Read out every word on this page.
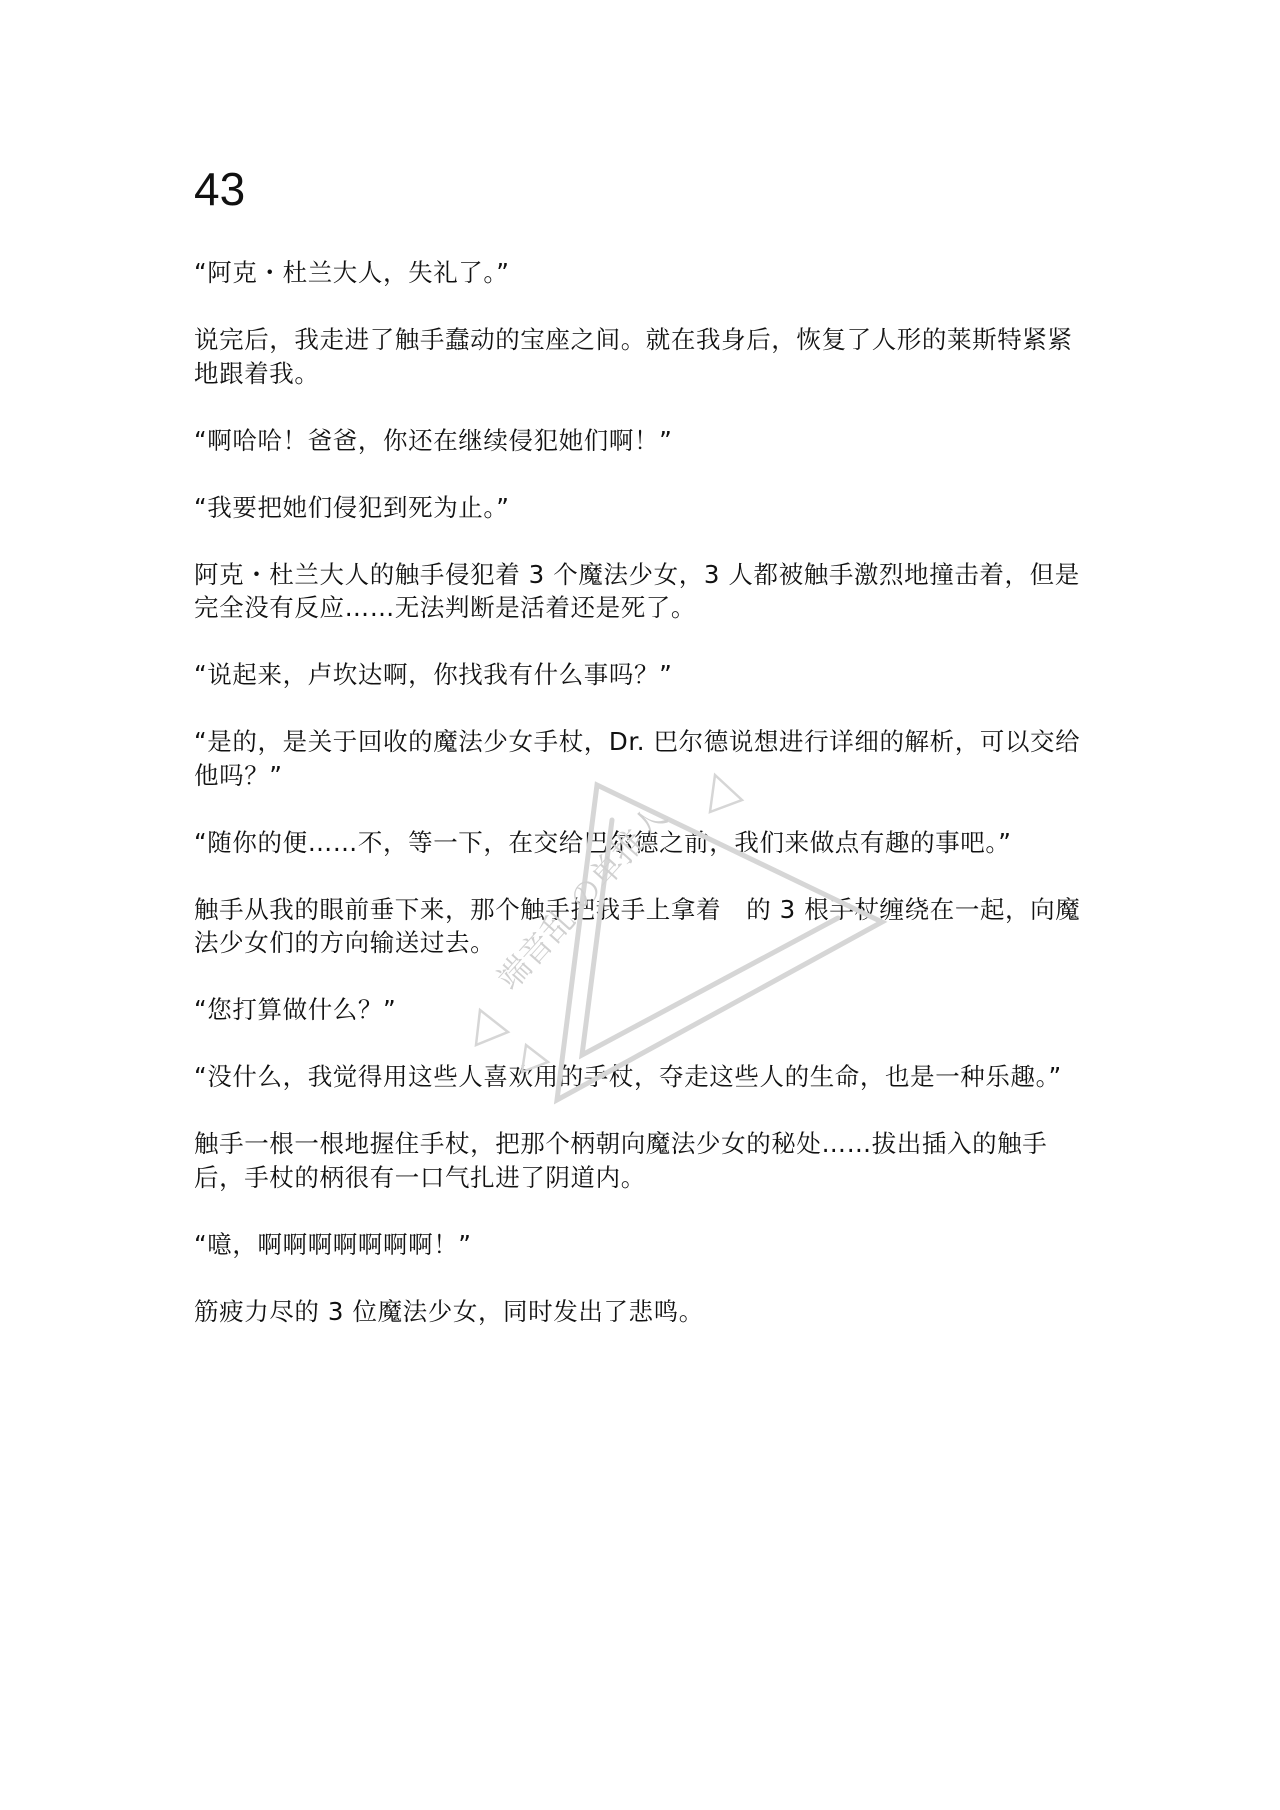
43

“阿克・杜兰大人，失礼了。”

说完后，我走进了触手蠢动的宝座之间。就在我身后，恢复了人形的莱斯特紧紧地跟着我。

“啊哈哈！爸爸，你还在继续侵犯她们啊！”

“我要把她们侵犯到死为止。”

阿克・杜兰大人的触手侵犯着 3 个魔法少女，3 人都被触手激烈地撞击着，但是完全没有反应……无法判断是活着还是死了。

“说起来，卢坎达啊，你找我有什么事吗？”

“是的，是关于回收的魔法少女手杖，Dr. 巴尔德说想进行详细的解析，可以交给他吗？”

“随你的便……不，等一下，在交给巴尔德之前，我们来做点有趣的事吧。”

触手从我的眼前垂下来，那个触手把我手上拿着　的 3 根手杖缠绕在一起，向魔法少女们的方向输送过去。

“您打算做什么？”

“没什么，我觉得用这些人喜欢用的手杖，夺走这些人的生命，也是一种乐趣。”

触手一根一根地握住手杖，把那个柄朝向魔法少女的秘处……拔出插入的触手后，手杖的柄很有一口气扎进了阴道内。

“噫，啊啊啊啊啊啊啊！”

筋疲力尽的 3 位魔法少女，同时发出了悲鸣。

端音乱 の单推人
